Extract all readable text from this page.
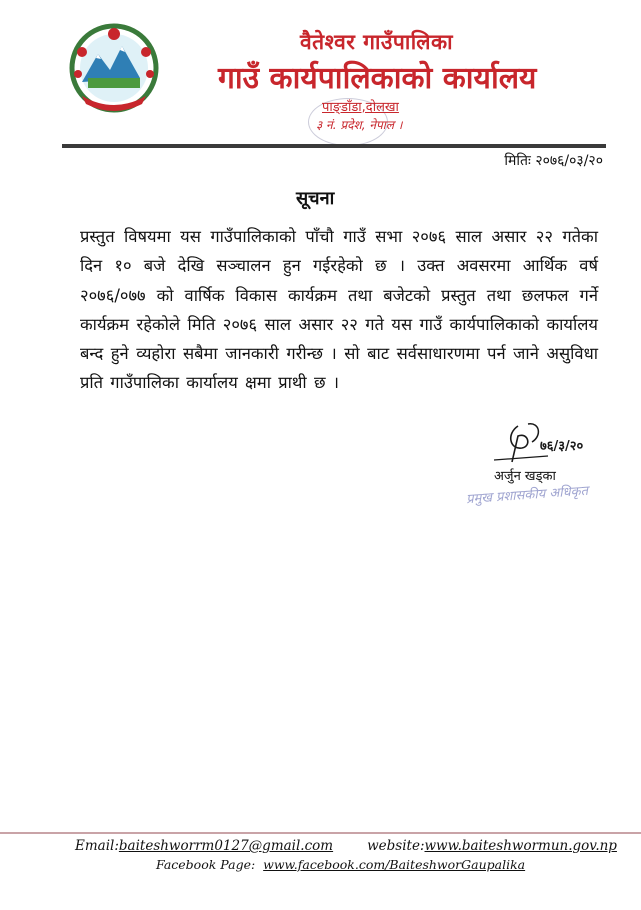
वैतेश्वर गाउँपालिका
गाउँ कार्यपालिकाको कार्यालय
पाङ्डाँडा,दोलखा
३ नं. प्रदेश, नेपाल ।
मितिः २०७६/०३/२०
सूचना
प्रस्तुत विषयमा यस गाउँपालिकाको पाँचौ गाउँ सभा २०७६ साल असार २२ गतेका दिन १० बजे देखि सञ्चालन हुन गईरहेको छ । उक्त अवसरमा आर्थिक वर्ष २०७६/०७७ को वार्षिक विकास कार्यक्रम तथा बजेटको प्रस्तुत तथा छलफल गर्ने कार्यक्रम रहेकोले मिति २०७६ साल असार २२ गते यस गाउँ कार्यपालिकाको कार्यालय बन्द हुने व्यहोरा सबैमा जानकारी गरीन्छ । सो बाट सर्वसाधारणमा पर्न जाने असुविधा प्रति गाउँपालिका कार्यालय क्षमा प्राथी छ ।
७६/३/२०
अर्जुन खड्का
प्रमुख प्रशासकीय अधिकृत
Email:baiteshworrm0127@gmail.com	website:www.baiteshwormun.gov.np
Facebook Page: www.facebook.com/BaiteshworGaupalika
